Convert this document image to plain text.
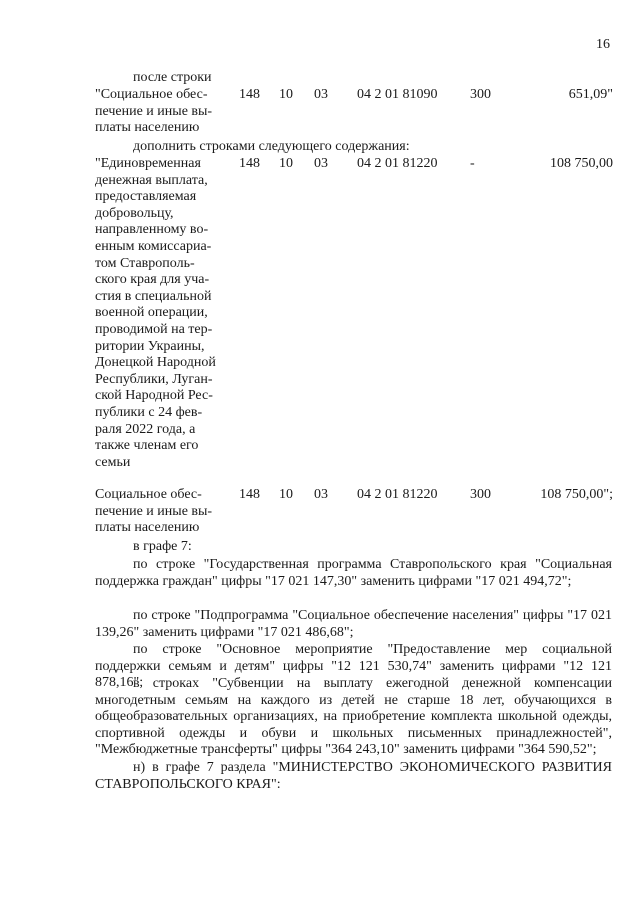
16
после строки
"Социальное обес-
печение и иные вы-
платы населению
148 10 03 04 2 01 81090 300	651,09"
дополнить строками следующего содержания:
"Единовременная
денежная выплата,
предоставляемая
добровольцу,
направленному во-
енным комиссариа-
том Ставрополь-
ского края для уча-
стия в специальной
военной операции,
проводимой на тер-
ритории Украины,
Донецкой Народной
Республики, Луган-
ской Народной Рес-
публики с 24 фев-
раля 2022 года, а
также членам его
семьи
148 10 03 04 2 01 81220 -	108 750,00
Социальное обес-
печение и иные вы-
платы населению
148 10 03 04 2 01 81220 300	108 750,00";
в графе 7:
по строке "Государственная программа Ставропольского края "Социальная поддержка граждан" цифры "17 021 147,30" заменить цифрами "17 021 494,72";
по строке "Подпрограмма "Социальное обеспечение населения" цифры "17 021 139,26" заменить цифрами "17 021 486,68";
по строке "Основное мероприятие "Предоставление мер социальной поддержки семьям и детям" цифры "12 121 530,74" заменить цифрами "12 121 878,16";
в строках "Субвенции на выплату ежегодной денежной компенсации многодетным семьям на каждого из детей не старше 18 лет, обучающихся в общеобразовательных организациях, на приобретение комплекта школьной одежды, спортивной одежды и обуви и школьных письменных принадлежностей", "Межбюджетные трансферты" цифры "364 243,10" заменить цифрами "364 590,52";
н) в графе 7 раздела "МИНИСТЕРСТВО ЭКОНОМИЧЕСКОГО РАЗВИТИЯ СТАВРОПОЛЬСКОГО КРАЯ":
